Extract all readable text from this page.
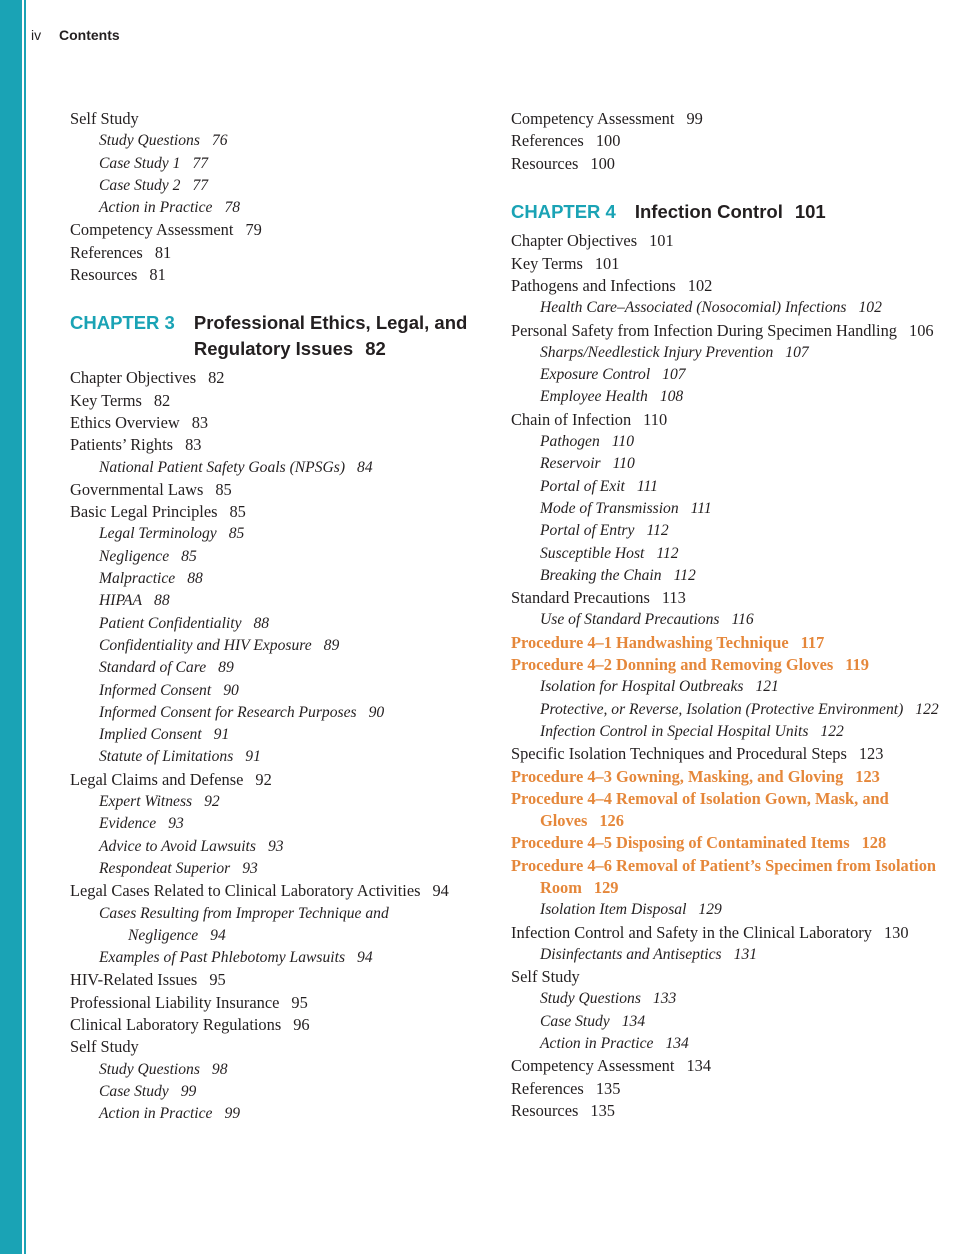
iv Contents
Self Study
Study Questions 76
Case Study 1 77
Case Study 2 77
Action in Practice 78
Competency Assessment 79
References 81
Resources 81
CHAPTER 3 Professional Ethics, Legal, and Regulatory Issues 82
Chapter Objectives 82
Key Terms 82
Ethics Overview 83
Patients’ Rights 83
National Patient Safety Goals (NPSGs) 84
Governmental Laws 85
Basic Legal Principles 85
Legal Terminology 85
Negligence 85
Malpractice 88
HIPAA 88
Patient Confidentiality 88
Confidentiality and HIV Exposure 89
Standard of Care 89
Informed Consent 90
Informed Consent for Research Purposes 90
Implied Consent 91
Statute of Limitations 91
Legal Claims and Defense 92
Expert Witness 92
Evidence 93
Advice to Avoid Lawsuits 93
Respondeat Superior 93
Legal Cases Related to Clinical Laboratory Activities 94
Cases Resulting from Improper Technique and Negligence 94
Examples of Past Phlebotomy Lawsuits 94
HIV-Related Issues 95
Professional Liability Insurance 95
Clinical Laboratory Regulations 96
Self Study
Study Questions 98
Case Study 99
Action in Practice 99
Competency Assessment 99
References 100
Resources 100
CHAPTER 4 Infection Control 101
Chapter Objectives 101
Key Terms 101
Pathogens and Infections 102
Health Care–Associated (Nosocomial) Infections 102
Personal Safety from Infection During Specimen Handling 106
Sharps/Needlestick Injury Prevention 107
Exposure Control 107
Employee Health 108
Chain of Infection 110
Pathogen 110
Reservoir 110
Portal of Exit 111
Mode of Transmission 111
Portal of Entry 112
Susceptible Host 112
Breaking the Chain 112
Standard Precautions 113
Use of Standard Precautions 116
Procedure 4–1 Handwashing Technique 117
Procedure 4–2 Donning and Removing Gloves 119
Isolation for Hospital Outbreaks 121
Protective, or Reverse, Isolation (Protective Environment) 122
Infection Control in Special Hospital Units 122
Specific Isolation Techniques and Procedural Steps 123
Procedure 4–3 Gowning, Masking, and Gloving 123
Procedure 4–4 Removal of Isolation Gown, Mask, and Gloves 126
Procedure 4–5 Disposing of Contaminated Items 128
Procedure 4–6 Removal of Patient’s Specimen from Isolation Room 129
Isolation Item Disposal 129
Infection Control and Safety in the Clinical Laboratory 130
Disinfectants and Antiseptics 131
Self Study
Study Questions 133
Case Study 134
Action in Practice 134
Competency Assessment 134
References 135
Resources 135
